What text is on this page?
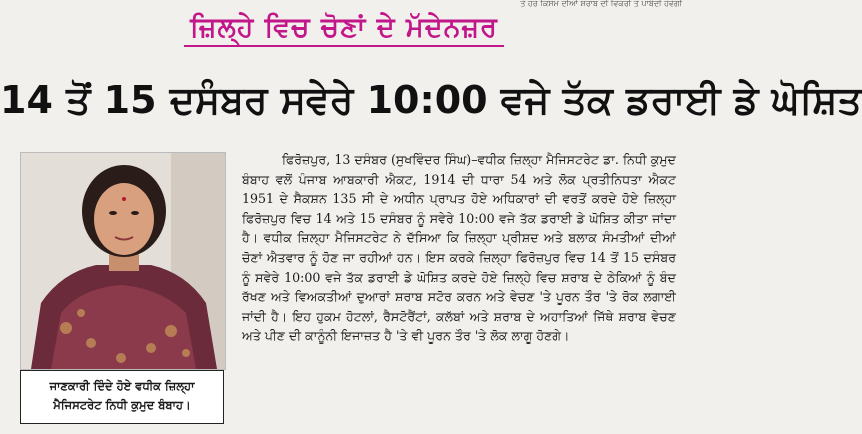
ਤੇ ਹਰ ਕਿਸਮ ਦੀਆਂ ਸ਼ਰਾਬ ਦੀ ਵਿਕਰੀ ਤੇ ਪਾਬੰਦੀ ਹੋਵੇਗੀ
ਜ਼ਿਲ੍ਹੇ ਵਿਚ ਚੋਣਾਂ ਦੇ ਮੱਦੇਨਜ਼ਰ
14 ਤੋਂ 15 ਦਸੰਬਰ ਸਵੇਰੇ 10:00 ਵਜੇ ਤੱਕ ਡਰਾਈ ਡੇ ਘੋਸ਼ਿਤ
ਜਾਣਕਾਰੀ ਦਿੰਦੇ ਹੋਏ ਵਧੀਕ ਜ਼ਿਲ੍ਹਾ
ਮੈਜਿਸਟਰੇਟ ਨਿਧੀ ਕੁਮੁਦ ਬੰਬਾਹ।

ਫਿਰੋਜ਼ਪੁਰ, 13 ਦਸੰਬਰ (ਸੁਖਵਿੰਦਰ ਸਿੰਘ)–ਵਧੀਕ ਜ਼ਿਲ੍ਹਾ ਮੈਜਿਸਟਰੇਟ ਡਾ. ਨਿਧੀ ਕੁਮੁਦ ਬੰਬਾਹ ਵਲੋਂ ਪੰਜਾਬ ਆਬਕਾਰੀ ਐਕਟ, 1914 ਦੀ ਧਾਰਾ 54 ਅਤੇ ਲੋਕ ਪ੍ਰਤੀਨਿਧਤਾ ਐਕਟ 1951 ਦੇ ਸੈਕਸ਼ਨ 135 ਸੀ ਦੇ ਅਧੀਨ ਪ੍ਰਾਪਤ ਹੋਏ ਅਧਿਕਾਰਾਂ ਦੀ ਵਰਤੋਂ ਕਰਦੇ ਹੋਏ ਜ਼ਿਲ੍ਹਾ ਫਿਰੋਜ਼ਪੁਰ ਵਿਚ 14 ਅਤੇ 15 ਦਸੰਬਰ ਨੂੰ ਸਵੇਰੇ 10:00 ਵਜੇ ਤੱਕ ਡਰਾਈ ਡੇ ਘੋਸ਼ਿਤ ਕੀਤਾ ਜਾਂਦਾ ਹੈ। ਵਧੀਕ ਜ਼ਿਲ੍ਹਾ ਮੈਜਿਸਟਰੇਟ ਨੇ ਦੱਸਿਆ ਕਿ ਜ਼ਿਲ੍ਹਾ ਪ੍ਰੀਸ਼ਦ ਅਤੇ ਬਲਾਕ ਸੰਮਤੀਆਂ ਦੀਆਂ ਚੋਣਾਂ ਐਤਵਾਰ ਨੂੰ ਹੋਣ ਜਾ ਰਹੀਆਂ ਹਨ। ਇਸ ਕਰਕੇ ਜ਼ਿਲ੍ਹਾ ਫਿਰੋਜ਼ਪੁਰ ਵਿਚ 14 ਤੋਂ 15 ਦਸੰਬਰ ਨੂੰ ਸਵੇਰੇ 10:00 ਵਜੇ ਤੱਕ ਡਰਾਈ ਡੇ ਘੋਸ਼ਿਤ ਕਰਦੇ ਹੋਏ ਜ਼ਿਲ੍ਹੇ ਵਿਚ ਸ਼ਰਾਬ ਦੇ ਠੇਕਿਆਂ ਨੂੰ ਬੰਦ ਰੱਖਣ ਅਤੇ ਵਿਅਕਤੀਆਂ ਦੁਆਰਾਂ ਸ਼ਰਾਬ ਸਟੋਰ ਕਰਨ ਅਤੇ ਵੇਚਣ 'ਤੇ ਪੂਰਨ ਤੌਰ 'ਤੇ ਰੋਕ ਲਗਾਈ ਜਾਂਦੀ ਹੈ। ਇਹ ਹੁਕਮ ਹੋਟਲਾਂ, ਰੈਸਟੋਰੈਂਟਾਂ, ਕਲੱਬਾਂ ਅਤੇ ਸ਼ਰਾਬ ਦੇ ਅਹਾਤਿਆਂ ਜਿੱਥੇ ਸ਼ਰਾਬ ਵੇਚਣ ਅਤੇ ਪੀਣ ਦੀ ਕਾਨੂੰਨੀ ਇਜਾਜ਼ਤ ਹੈ 'ਤੇ ਵੀ ਪੂਰਨ ਤੌਰ 'ਤੇ ਲੋਕ ਲਾਗੂ ਹੋਣਗੇ।
